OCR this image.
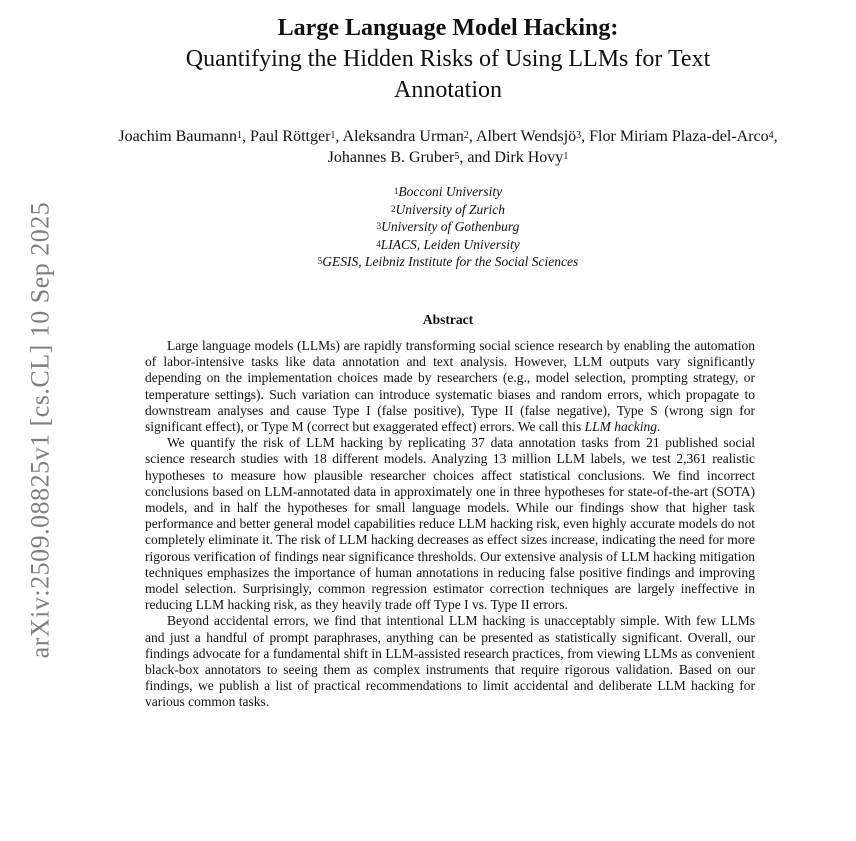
arXiv:2509.08825v1 [cs.CL] 10 Sep 2025
Large Language Model Hacking:
Quantifying the Hidden Risks of Using LLMs for Text
Annotation
Joachim Baumann$^1$, Paul Röttger$^1$, Aleksandra Urman$^2$, Albert Wendsjö$^3$, Flor Miriam Plaza-del-Arco$^4$, Johannes B. Gruber$^5$, and Dirk Hovy$^1$
$^1$Bocconi University
$^2$University of Zurich
$^3$University of Gothenburg
$^4$LIACS, Leiden University
$^5$GESIS, Leibniz Institute for the Social Sciences
Abstract

Large language models (LLMs) are rapidly transforming social science research by enabling the automation of labor-intensive tasks like data annotation and text analysis. However, LLM outputs vary significantly depending on the implementation choices made by researchers (e.g., model selection, prompting strategy, or temperature settings). Such variation can introduce systematic biases and random errors, which propagate to downstream analyses and cause Type I (false positive), Type II (false negative), Type S (wrong sign for significant effect), or Type M (correct but exaggerated effect) errors. We call this LLM hacking.

We quantify the risk of LLM hacking by replicating 37 data annotation tasks from 21 published social science research studies with 18 different models. Analyzing 13 million LLM labels, we test 2,361 realistic hypotheses to measure how plausible researcher choices affect statistical conclusions. We find incorrect conclusions based on LLM-annotated data in approximately one in three hypotheses for state-of-the-art (SOTA) models, and in half the hypotheses for small language models. While our findings show that higher task performance and better general model capabilities reduce LLM hacking risk, even highly accurate models do not completely eliminate it. The risk of LLM hacking decreases as effect sizes increase, indicating the need for more rigorous verification of findings near significance thresholds. Our extensive analysis of LLM hacking mitigation techniques emphasizes the importance of human annotations in reducing false positive findings and improving model selection. Surprisingly, common regression estimator correction techniques are largely ineffective in reducing LLM hacking risk, as they heavily trade off Type I vs. Type II errors.

Beyond accidental errors, we find that intentional LLM hacking is unacceptably simple. With few LLMs and just a handful of prompt paraphrases, anything can be presented as statistically significant. Overall, our findings advocate for a fundamental shift in LLM-assisted research practices, from viewing LLMs as convenient black-box annotators to seeing them as complex instruments that require rigorous validation. Based on our findings, we publish a list of practical recommendations to limit accidental and deliberate LLM hacking for various common tasks.
